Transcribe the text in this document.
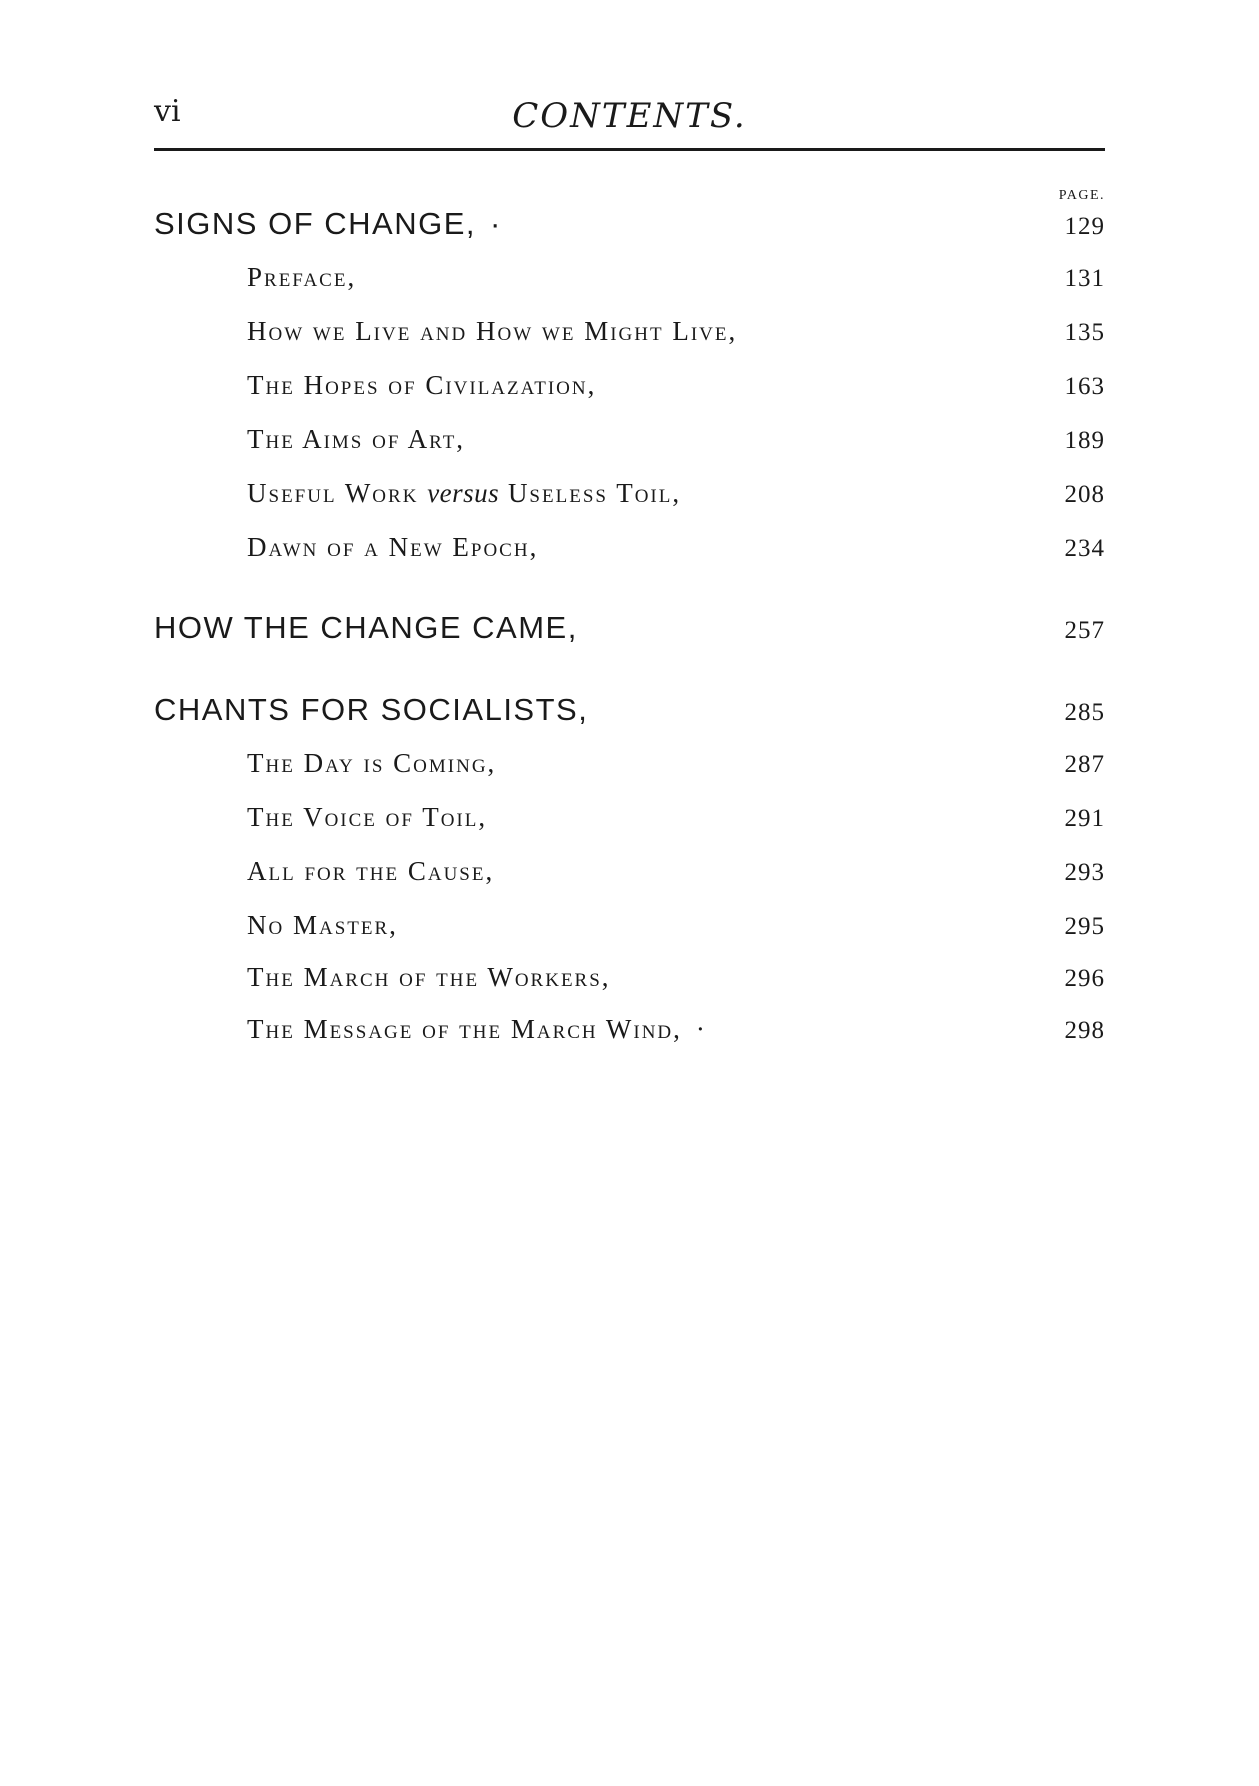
vi	CONTENTS.
PAGE.
SIGNS OF CHANGE, ·	129
Preface,	131
How we Live and How we Might Live,	135
The Hopes of Civilazation,	163
The Aims of Art,	189
Useful Work versus Useless Toil,	208
Dawn of a New Epoch,	234
HOW THE CHANGE CAME,	257
CHANTS FOR SOCIALISTS,	285
The Day is Coming,	287
The Voice of Toil,	291
All for the Cause,	293
No Master,	295
The March of the Workers,	296
The Message of the March Wind, ·	298
